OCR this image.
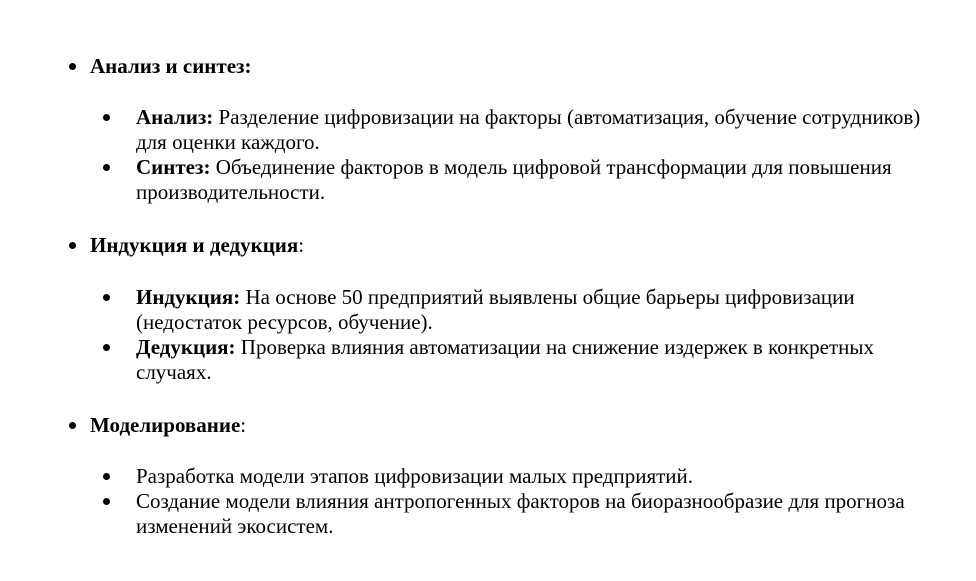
Анализ и синтез:
Анализ: Разделение цифровизации на факторы (автоматизация, обучение сотрудников) для оценки каждого.
Синтез: Объединение факторов в модель цифровой трансформации для повышения производительности.
Индукция и дедукция:
Индукция: На основе 50 предприятий выявлены общие барьеры цифровизации (недостаток ресурсов, обучение).
Дедукция: Проверка влияния автоматизации на снижение издержек в конкретных случаях.
Моделирование:
Разработка модели этапов цифровизации малых предприятий.
Создание модели влияния антропогенных факторов на биоразнообразие для прогноза изменений экосистем.
